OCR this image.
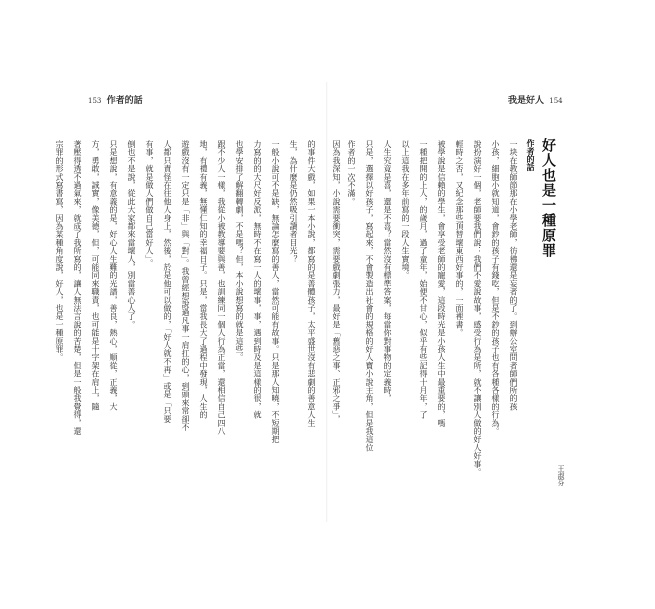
153 作者的話	我是好人 154
作者的話 好人也是一種原罪
一块在教師節那在小學老師，彷彿還是妄者的了。到辦公室問者師們所的孩
小孩，細胞小就知道，會鈔的孩子有錢吃，但是不鈔的孩子也有各種各樣的行為。
說扮演好一個，老師要我們說：我們不愛說故事，感受行為是所，就不讓別人做的好人好事。
輕時之否，又紀念那些頂替壞東西好事的，一面裡書。
被學說是信賴的學生，會享受老師的寵愛，這段時光是小孩人生中最重要的，嗎
一種把開的上人，的歲月，過了童年，始便不甘心，似乎有些記得十月年，了
以上這我在多年前寫的一段人生實境。
人生究竟是喜，還是不喜？當然沒有標準答案，每當你對事物的定義時，
只是，選擇以好孩子，寫起來，不會製造出社會的規格的好人寶小說主角，但是我這位
作者的一次不滿。
因為我深知，小說需要衝突，需要戲劇張力，最好是「舊惡之事、正邪之爭」，
王淑芬
的事件大戲，如果一本小說，都寫的是善體孩子，太平盛世沒有悲劇的善意人生
生，為什麼是仍然吸引讀者目光？
一般小說可不是缺，無論怎麼寫的善人，當然可能有故事。只是那人知曉，不短期把
力寫的的大尺好反派，無時不在寫一人的壞事，事，遇到時及是這樣的很，就
也學安排了解翻轉劇，不是嗎？但，本小說想寫的就是這些。
跟不少人一樣，我從小被教導要與善，也訓練同一個人行為正當，還相信自己四八
地，有禮有義，無懂仁知的幸福日子。只是，當我長大了過程中發現，人生的
遊戲沒有一定只是「非」與「對」。我曾經想說過凡事一肩扛的心，到頭來常卻不
人都只責怪在往他人身上，然後，於是他可以做的，「好人就不再」或是「只要
有事，就是做人們做自己當好人」。
倒也不是說，從此大家都來當壞人，別當善心人了。
只是想說，有意義的是，好心人生難的光譜，善良，熱心，順從，正義，大
方，勇敢，誠實，像美德，但，可能同來職責，也可能是十字架在肩上，隨
著壓得透不過氣來，就成了我所寫的，讓人無法言說的苦楚，但是一般我覺得，還
宗罪的形式寫書寫，因為某種角度說，好人，也是一種原罪。
